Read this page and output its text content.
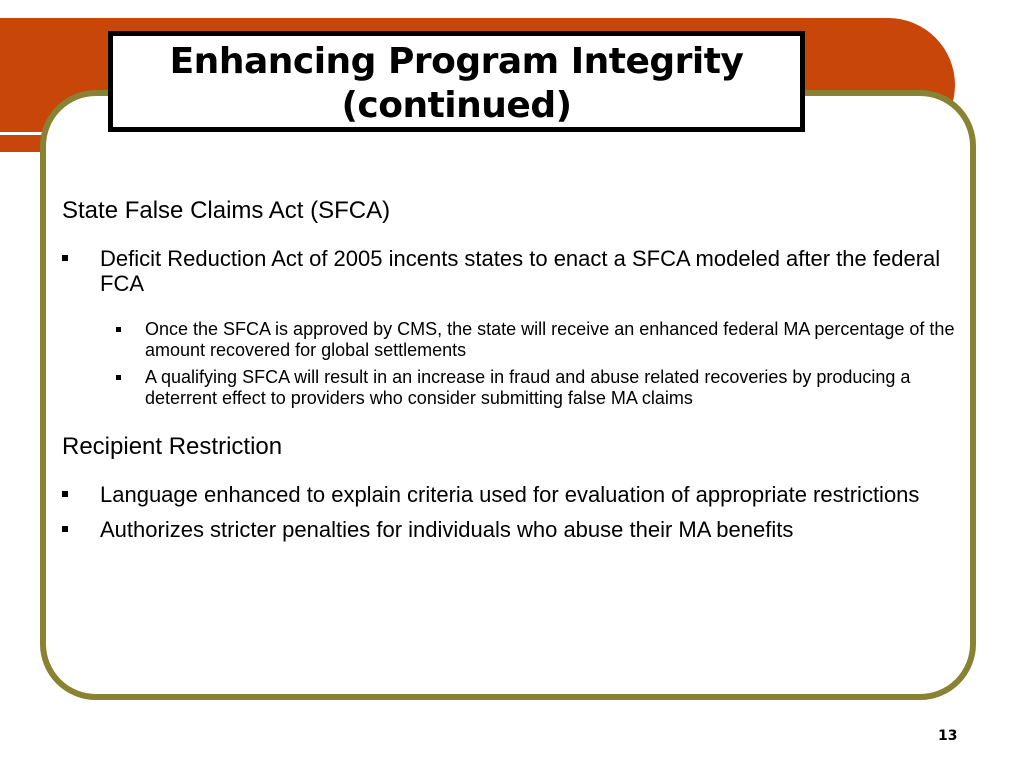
Enhancing Program Integrity
(continued)

State False Claims Act (SFCA)

Deficit Reduction Act of 2005 incents states to enact a SFCA modeled after the federal FCA
Once the SFCA is approved by CMS, the state will receive an enhanced federal MA percentage of the amount recovered for global settlements
A qualifying SFCA will result in an increase in fraud and abuse related recoveries by producing a deterrent effect to providers who consider submitting false MA claims

Recipient Restriction

Language enhanced to explain criteria used for evaluation of appropriate restrictions
Authorizes stricter penalties for individuals who abuse their MA benefits
13
